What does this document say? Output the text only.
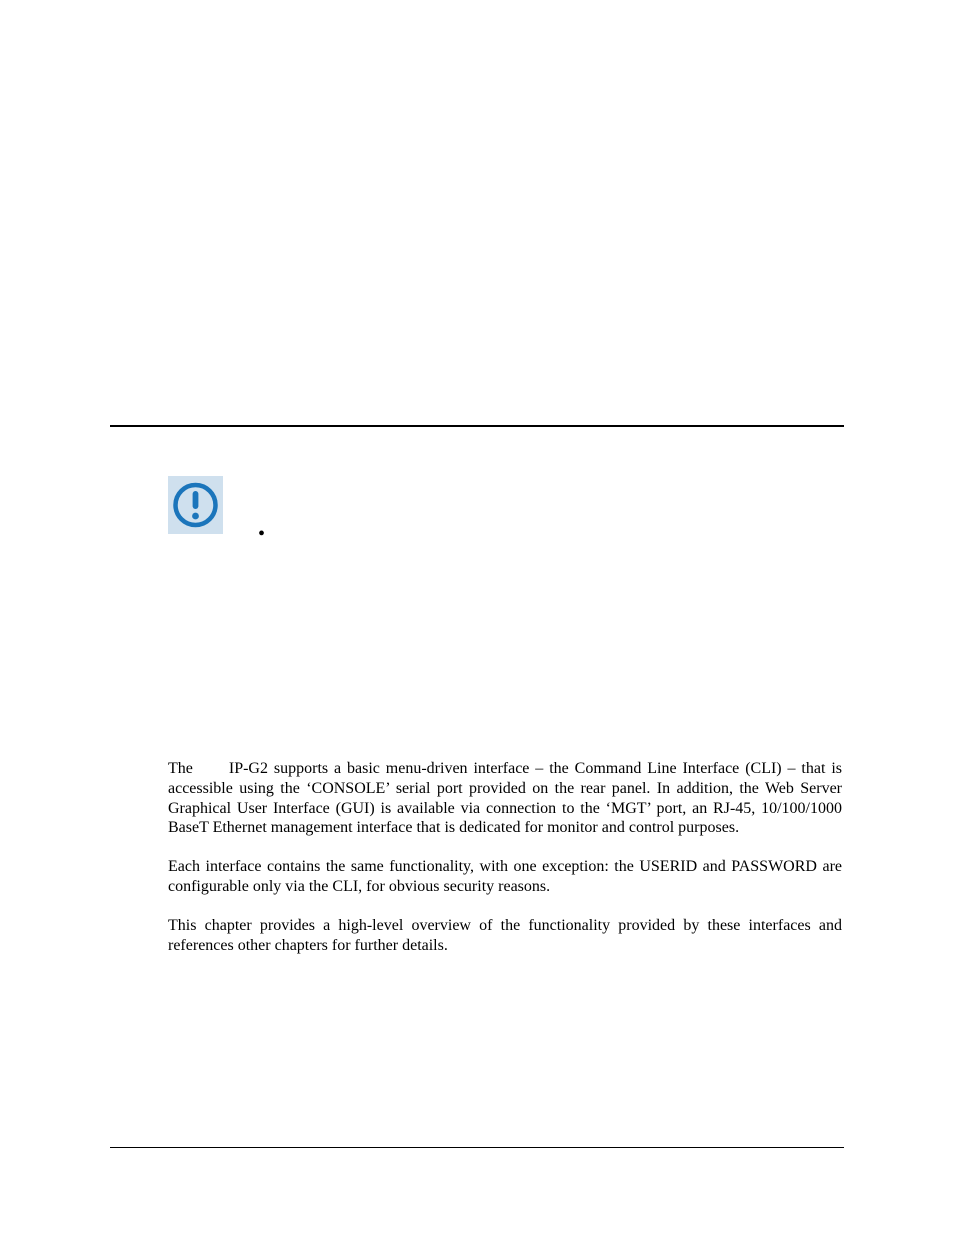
•

The IP-G2 supports a basic menu-driven interface – the Command Line Interface (CLI) – that is accessible using the ‘CONSOLE’ serial port provided on the rear panel. In addition, the Web Server Graphical User Interface (GUI) is available via connection to the ‘MGT’ port, an RJ-45, 10/100/1000 BaseT Ethernet management interface that is dedicated for monitor and control purposes.

Each interface contains the same functionality, with one exception: the USERID and PASSWORD are configurable only via the CLI, for obvious security reasons.

This chapter provides a high-level overview of the functionality provided by these interfaces and references other chapters for further details.
